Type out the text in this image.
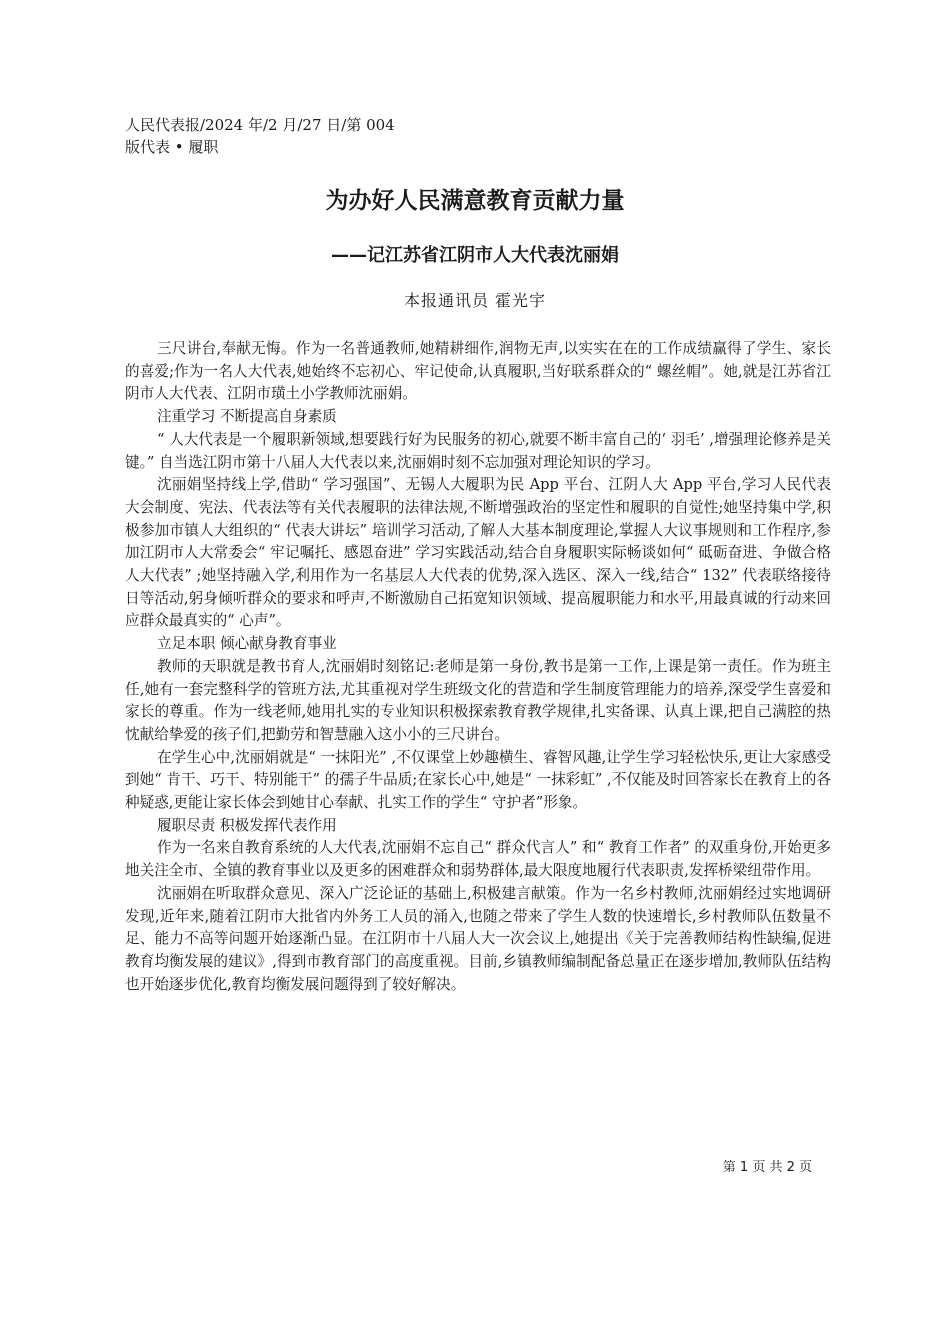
人民代表报/2024 年/2 月/27 日/第 004
版代表 • 履职
为办好人民满意教育贡献力量
——记江苏省江阴市人大代表沈丽娟
本报通讯员 霍光宇

三尺讲台,奉献无悔。作为一名普通教师,她精耕细作,润物无声,以实实在在的工作成绩赢得了学生、家长的喜爱;作为一名人大代表,她始终不忘初心、牢记使命,认真履职,当好联系群众的“ 螺丝帽”。她,就是江苏省江阴市人大代表、江阴市璜土小学教师沈丽娟。

注重学习 不断提高自身素质

“ 人大代表是一个履职新领域,想要践行好为民服务的初心,就要不断丰富自己的‘ 羽毛’ ,增强理论修养是关键。” 自当选江阴市第十八届人大代表以来,沈丽娟时刻不忘加强对理论知识的学习。

沈丽娟坚持线上学,借助“ 学习强国”、无锡人大履职为民 App 平台、江阴人大 App 平台,学习人民代表大会制度、宪法、代表法等有关代表履职的法律法规,不断增强政治的坚定性和履职的自觉性;她坚持集中学,积极参加市镇人大组织的“ 代表大讲坛” 培训学习活动,了解人大基本制度理论,掌握人大议事规则和工作程序,参加江阴市人大常委会“ 牢记嘱托、感恩奋进” 学习实践活动,结合自身履职实际畅谈如何“ 砥砺奋进、争做合格人大代表” ;她坚持融入学,利用作为一名基层人大代表的优势,深入选区、深入一线,结合“ 132” 代表联络接待日等活动,躬身倾听群众的要求和呼声,不断激励自己拓宽知识领域、提高履职能力和水平,用最真诚的行动来回应群众最真实的“ 心声”。

立足本职 倾心献身教育事业

教师的天职就是教书育人,沈丽娟时刻铭记:老师是第一身份,教书是第一工作,上课是第一责任。作为班主任,她有一套完整科学的管班方法,尤其重视对学生班级文化的营造和学生制度管理能力的培养,深受学生喜爱和家长的尊重。作为一线老师,她用扎实的专业知识积极探索教育教学规律,扎实备课、认真上课,把自己满腔的热忱献给挚爱的孩子们,把勤劳和智慧融入这小小的三尺讲台。

在学生心中,沈丽娟就是“ 一抹阳光” ,不仅课堂上妙趣横生、睿智风趣,让学生学习轻松快乐,更让大家感受到她“ 肯干、巧干、特别能干” 的孺子牛品质;在家长心中,她是“ 一抹彩虹” ,不仅能及时回答家长在教育上的各种疑惑,更能让家长体会到她甘心奉献、扎实工作的学生“ 守护者”形象。

履职尽责 积极发挥代表作用

作为一名来自教育系统的人大代表,沈丽娟不忘自己“ 群众代言人” 和“ 教育工作者” 的双重身份,开始更多地关注全市、全镇的教育事业以及更多的困难群众和弱势群体,最大限度地履行代表职责,发挥桥梁纽带作用。

沈丽娟在听取群众意见、深入广泛论证的基础上,积极建言献策。作为一名乡村教师,沈丽娟经过实地调研发现,近年来,随着江阴市大批省内外务工人员的涌入,也随之带来了学生人数的快速增长,乡村教师队伍数量不足、能力不高等问题开始逐渐凸显。在江阴市十八届人大一次会议上,她提出《关于完善教师结构性缺编,促进教育均衡发展的建议》,得到市教育部门的高度重视。目前,乡镇教师编制配备总量正在逐步增加,教师队伍结构也开始逐步优化,教育均衡发展问题得到了较好解决。

第 1 页 共 2 页
